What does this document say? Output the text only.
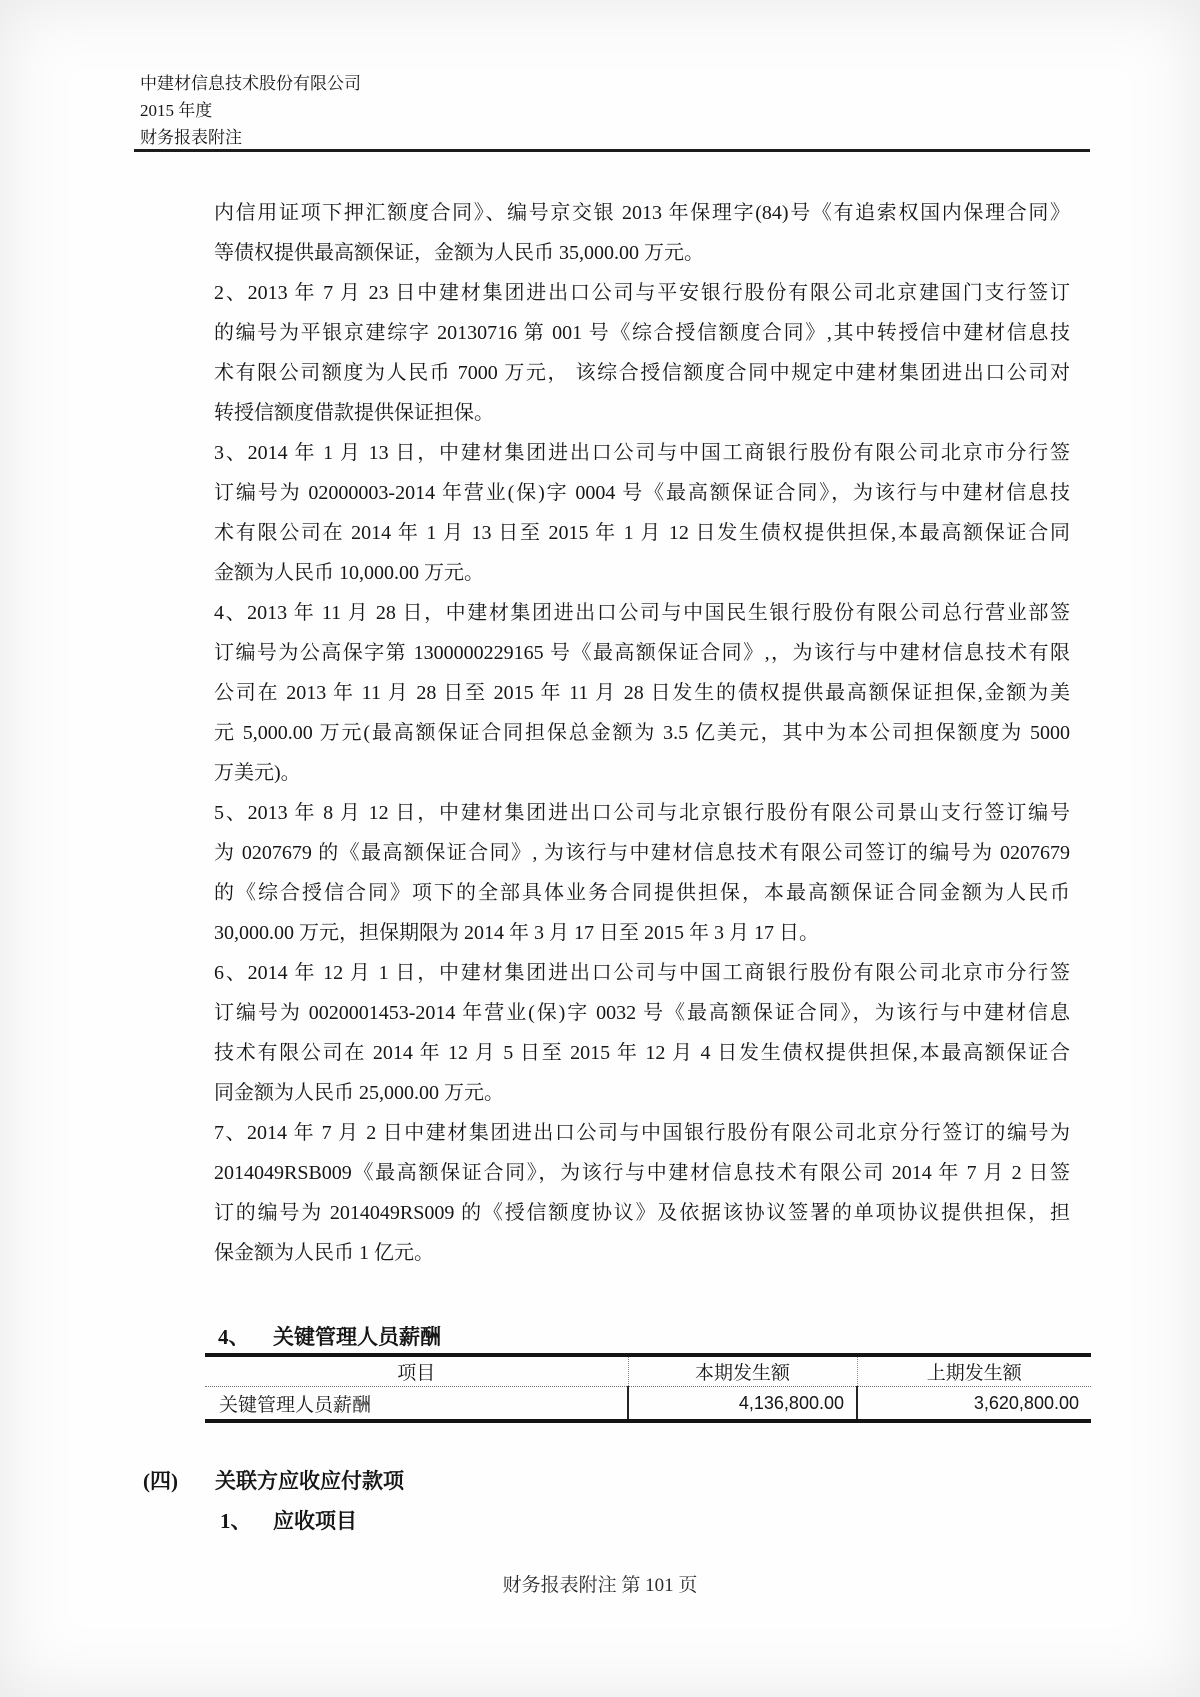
中建材信息技术股份有限公司
2015 年度
财务报表附注
内信用证项下押汇额度合同》、编号京交银 2013 年保理字(84)号《有追索权国内保理合同》
等债权提供最高额保证，金额为人民币 35,000.00 万元。
2、2013 年 7 月 23 日中建材集团进出口公司与平安银行股份有限公司北京建国门支行签订
的编号为平银京建综字 20130716 第 001 号《综合授信额度合同》,其中转授信中建材信息技
术有限公司额度为人民币 7000 万元， 该综合授信额度合同中规定中建材集团进出口公司对
转授信额度借款提供保证担保。
3、2014 年 1 月 13 日，中建材集团进出口公司与中国工商银行股份有限公司北京市分行签
订编号为 02000003-2014 年营业(保)字 0004 号《最高额保证合同》，为该行与中建材信息技
术有限公司在 2014 年 1 月 13 日至 2015 年 1 月 12 日发生债权提供担保,本最高额保证合同
金额为人民币 10,000.00 万元。
4、2013 年 11 月 28 日，中建材集团进出口公司与中国民生银行股份有限公司总行营业部签
订编号为公高保字第 1300000229165 号《最高额保证合同》,，为该行与中建材信息技术有限
公司在 2013 年 11 月 28 日至 2015 年 11 月 28 日发生的债权提供最高额保证担保,金额为美
元 5,000.00 万元(最高额保证合同担保总金额为 3.5 亿美元，其中为本公司担保额度为 5000
万美元)。
5、2013 年 8 月 12 日，中建材集团进出口公司与北京银行股份有限公司景山支行签订编号
为 0207679 的《最高额保证合同》, 为该行与中建材信息技术有限公司签订的编号为 0207679
的《综合授信合同》项下的全部具体业务合同提供担保，本最高额保证合同金额为人民币
30,000.00 万元，担保期限为 2014 年 3 月 17 日至 2015 年 3 月 17 日。
6、2014 年 12 月 1 日，中建材集团进出口公司与中国工商银行股份有限公司北京市分行签
订编号为 0020001453-2014 年营业(保)字 0032 号《最高额保证合同》，为该行与中建材信息
技术有限公司在 2014 年 12 月 5 日至 2015 年 12 月 4 日发生债权提供担保,本最高额保证合
同金额为人民币 25,000.00 万元。
7、2014 年 7 月 2 日中建材集团进出口公司与中国银行股份有限公司北京分行签订的编号为
2014049RSB009《最高额保证合同》，为该行与中建材信息技术有限公司 2014 年 7 月 2 日签
订的编号为 2014049RS009 的《授信额度协议》及依据该协议签署的单项协议提供担保，担
保金额为人民币 1 亿元。
4、 关键管理人员薪酬
项目	本期发生额	上期发生额
关键管理人员薪酬	4,136,800.00	3,620,800.00
(四) 关联方应收应付款项
1、 应收项目
财务报表附注 第 101 页
